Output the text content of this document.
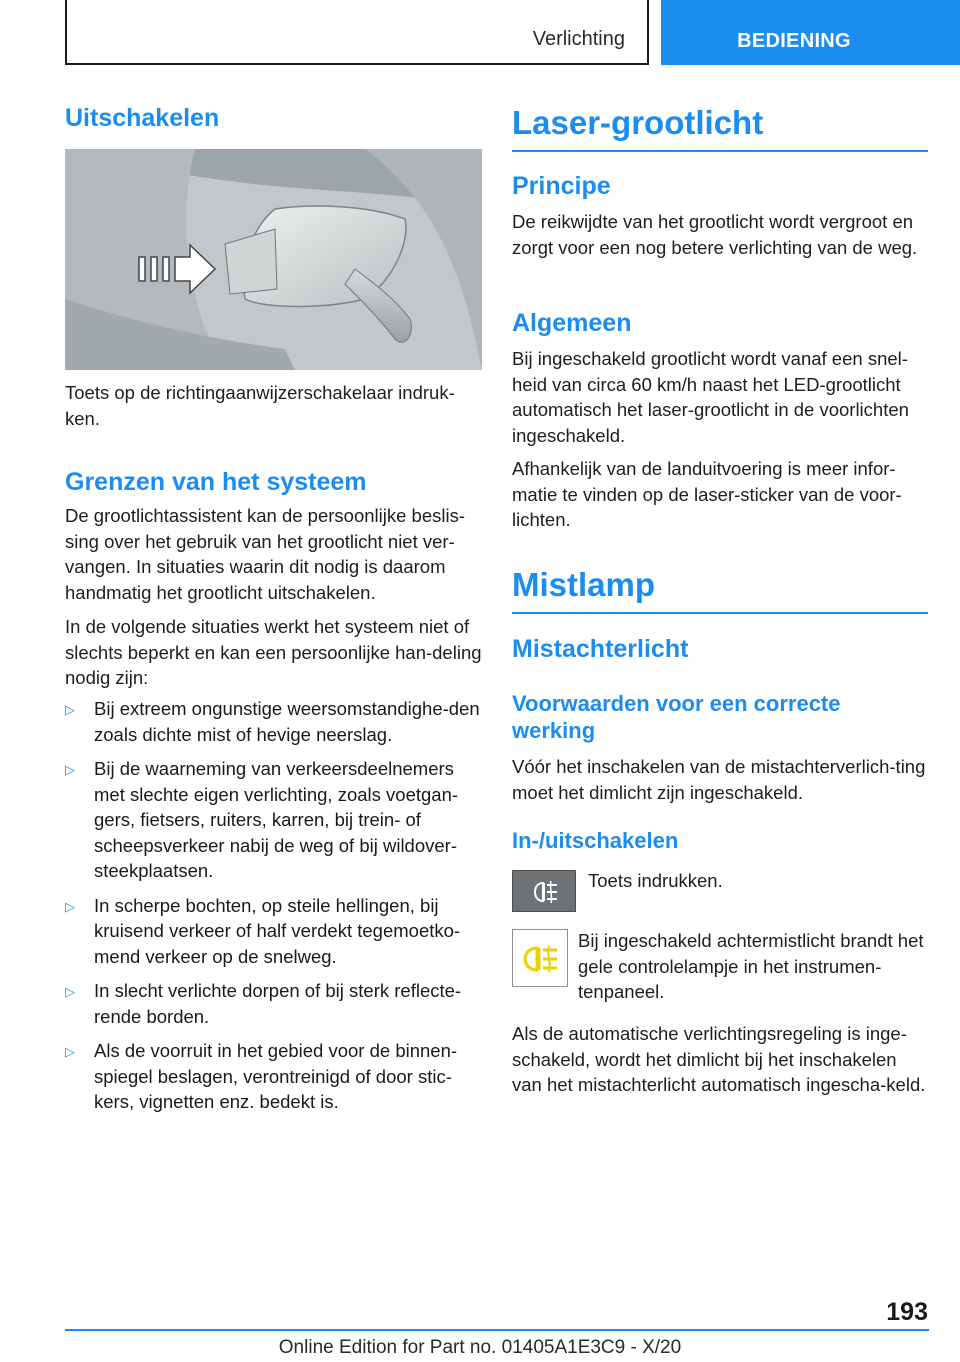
Verlichting	BEDIENING
Uitschakelen

Toets op de richtingaanwijzerschakelaar indruk-ken.

Grenzen van het systeem

De grootlichtassistent kan de persoonlijke beslis-sing over het gebruik van het grootlicht niet ver-vangen. In situaties waarin dit nodig is daarom handmatig het grootlicht uitschakelen.

In de volgende situaties werkt het systeem niet of slechts beperkt en kan een persoonlijke han-deling nodig zijn:

▷ Bij extreem ongunstige weersomstandighe-den zoals dichte mist of hevige neerslag.
▷ Bij de waarneming van verkeersdeelnemers met slechte eigen verlichting, zoals voetgan-gers, fietsers, ruiters, karren, bij trein- of scheepsverkeer nabij de weg of bij wildover-steekplaatsen.
▷ In scherpe bochten, op steile hellingen, bij kruisend verkeer of half verdekt tegemoetko-mend verkeer op de snelweg.
▷ In slecht verlichte dorpen of bij sterk reflecte-rende borden.
▷ Als de voorruit in het gebied voor de binnen-spiegel beslagen, verontreinigd of door stic-kers, vignetten enz. bedekt is.
Laser-grootlicht
Principe

De reikwijdte van het grootlicht wordt vergroot en zorgt voor een nog betere verlichting van de weg.

Algemeen

Bij ingeschakeld grootlicht wordt vanaf een snel-heid van circa 60 km/h naast het LED-grootlicht automatisch het laser-grootlicht in de voorlichten ingeschakeld.

Afhankelijk van de landuitvoering is meer infor-matie te vinden op de laser-sticker van de voor-lichten.

Mistlamp
Mistachterlicht
Voorwaarden voor een correcte werking

Vóór het inschakelen van de mistachterverlich-ting moet het dimlicht zijn ingeschakeld.

In-/uitschakelen

Toets indrukken.

Bij ingeschakeld achtermistlicht brandt het gele controlelampje in het instrumen-tenpaneel.

Als de automatische verlichtingsregeling is inge-schakeld, wordt het dimlicht bij het inschakelen van het mistachterlicht automatisch ingescha-keld.

193
Online Edition for Part no. 01405A1E3C9 - X/20
